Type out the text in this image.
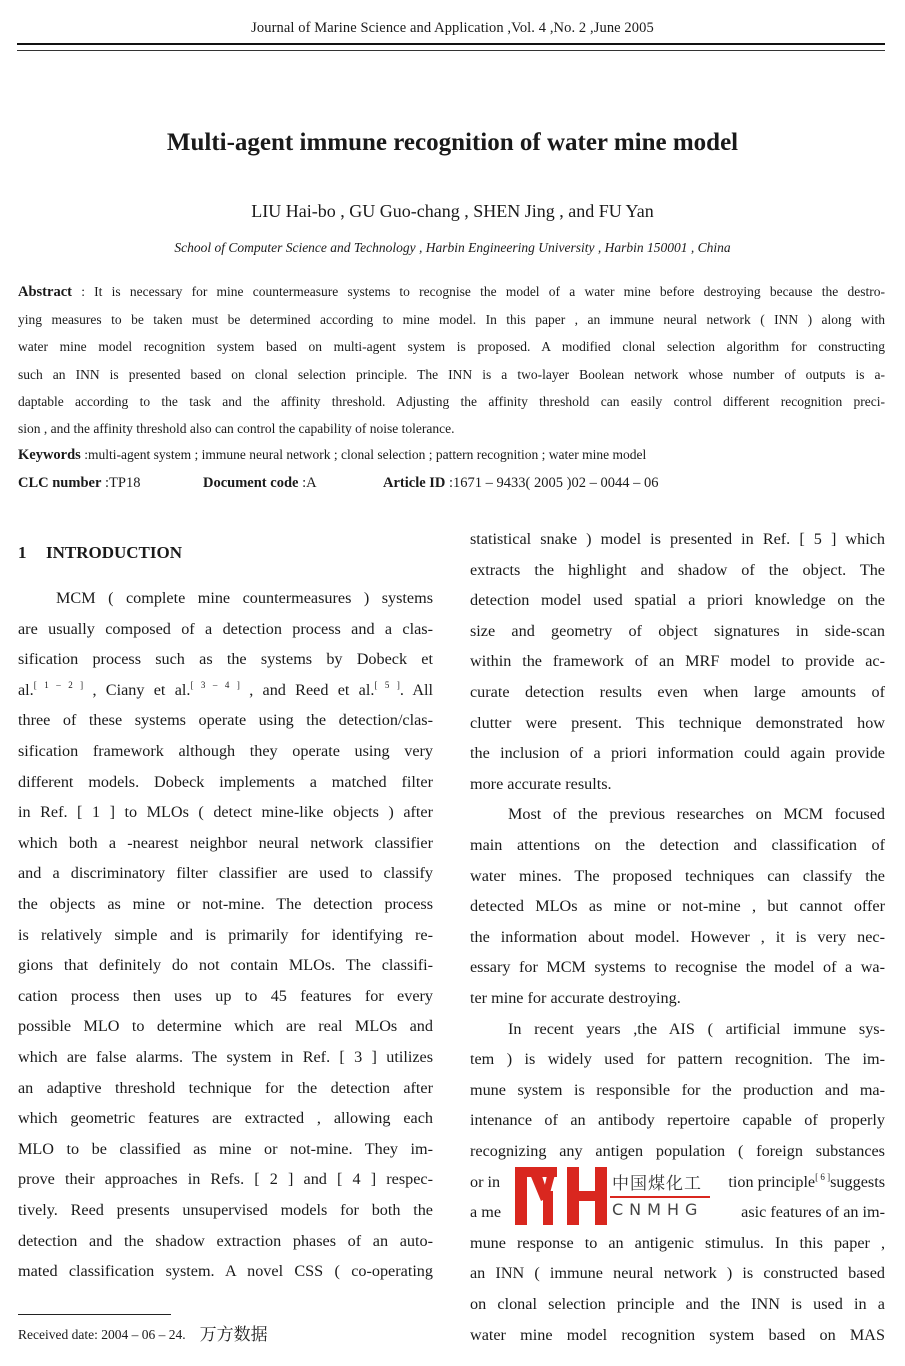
Journal of Marine Science and Application ,Vol. 4 ,No. 2 ,June 2005
Multi-agent immune recognition of water mine model
LIU Hai-bo , GU Guo-chang , SHEN Jing , and FU Yan
School of Computer Science and Technology , Harbin Engineering University , Harbin 150001 , China
Abstract : It is necessary for mine countermeasure systems to recognise the model of a water mine before destroying because the destro-
ying measures to be taken must be determined according to mine model. In this paper , an immune neural network ( INN ) along with
water mine model recognition system based on multi-agent system is proposed. A modified clonal selection algorithm for constructing
such an INN is presented based on clonal selection principle. The INN is a two-layer Boolean network whose number of outputs is a-
daptable according to the task and the affinity threshold. Adjusting the affinity threshold can easily control different recognition preci-
sion , and the affinity threshold also can control the capability of noise tolerance.
Keywords :multi-agent system ; immune neural network ; clonal selection ; pattern recognition ; water mine model
CLC number :TP18	Document code :A	Article ID :1671 – 9433( 2005 )02 – 0044 – 06
1 INTRODUCTION
MCM ( complete mine countermeasures ) systems
are usually composed of a detection process and a clas-
sification process such as the systems by Dobeck et
al.[ 1 – 2 ] , Ciany et al.[ 3 – 4 ] , and Reed et al.[ 5 ]. All
three of these systems operate using the detection/clas-
sification framework although they operate using very
different models. Dobeck implements a matched filter
in Ref. [ 1 ] to MLOs ( detect mine-like objects ) after
which both a -nearest neighbor neural network classifier
and a discriminatory filter classifier are used to classify
the objects as mine or not-mine. The detection process
is relatively simple and is primarily for identifying re-
gions that definitely do not contain MLOs. The classifi-
cation process then uses up to 45 features for every
possible MLO to determine which are real MLOs and
which are false alarms. The system in Ref. [ 3 ] utilizes
an adaptive threshold technique for the detection after
which geometric features are extracted , allowing each
MLO to be classified as mine or not-mine. They im-
prove their approaches in Refs. [ 2 ] and [ 4 ] respec-
tively. Reed presents unsupervised models for both the
detection and the shadow extraction phases of an auto-
mated classification system. A novel CSS ( co-operating
statistical snake ) model is presented in Ref. [ 5 ] which
extracts the highlight and shadow of the object. The
detection model used spatial a priori knowledge on the
size and geometry of object signatures in side-scan
within the framework of an MRF model to provide ac-
curate detection results even when large amounts of
clutter were present. This technique demonstrated how
the inclusion of a priori information could again provide
more accurate results.
Most of the previous researches on MCM focused
main attentions on the detection and classification of
water mines. The proposed techniques can classify the
detected MLOs as mine or not-mine , but cannot offer
the information about model. However , it is very nec-
essary for MCM systems to recognise the model of a wa-
ter mine for accurate destroying.
In recent years ,the AIS ( artificial immune sys-
tem ) is widely used for pattern recognition. The im-
mune system is responsible for the production and ma-
intenance of an antibody repertoire capable of properly
recognizing any antigen population ( foreign substances
or in	tion principle[ 6 ]suggests
a me	asic features of an im-
mune response to an antigenic stimulus. In this paper ,
an INN ( immune neural network ) is constructed based
on clonal selection principle and the INN is used in a
water mine model recognition system based on MAS
中国煤化工
CNMHG
Received date: 2004 – 06 – 24. 万方数据
